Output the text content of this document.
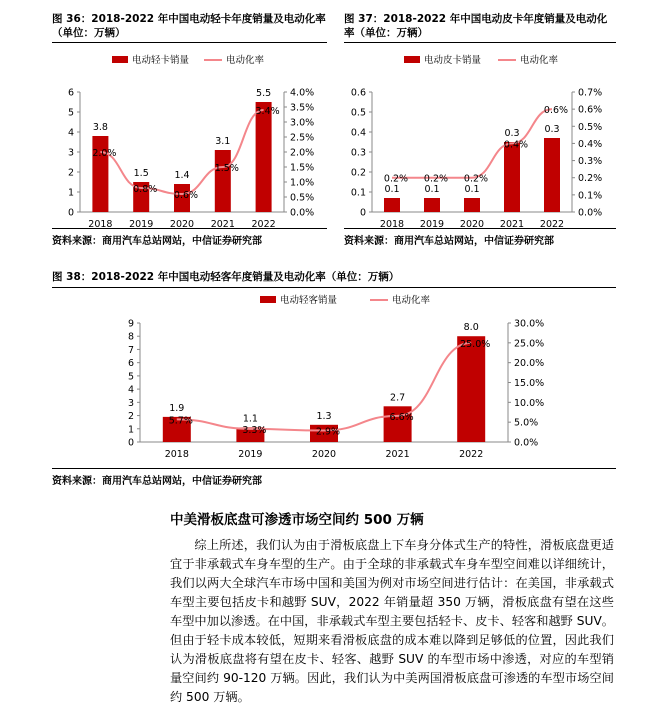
图 36：2018-2022 年中国电动轻卡年度销量及电动化率（单位：万辆）
电动轻卡销量	电动化率
0
1
2
3
4
5
6
0.0%
0.5%
1.0%
1.5%
2.0%
2.5%
3.0%
3.5%
4.0%
2018 2019 2020 2021 2022
3.8
1.5	1.4
3.1
5.5
2.0%
0.8%
0.6%
1.5%
3.4%
资料来源：商用汽车总站网站，中信证券研究部
图 37：2018-2022 年中国电动皮卡年度销量及电动化率（单位：万辆）
电动皮卡销量	电动化率
0
0.1
0.2
0.3
0.4
0.5
0.6
0.0%
0.1%
0.2%
0.3%
0.4%
0.5%
0.6%
0.7%
2018 2019 2020 2021 2022
0.1	0.1	0.1
0.3	0.3
0.2% 0.2% 0.2%
0.4%
0.6%
资料来源：商用汽车总站网站，中信证券研究部
图 38：2018-2022 年中国电动轻客年度销量及电动化率（单位：万辆）
电动轻客销量	电动化率
0
1
2
3
4
5
6
7
8
9
0.0%
5.0%
10.0%
15.0%
20.0%
25.0%
30.0%
2018	2019	2020	2021	2022
1.9
1.1	1.3
2.7
8.0
5.7%
3.3%	2.9%
6.6%
25.0%
资料来源：商用汽车总站网站，中信证券研究部
中美滑板底盘可渗透市场空间约 500 万辆

综上所述，我们认为由于滑板底盘上下车身分体式生产的特性，滑板底盘更适宜于非承载式车身车型的生产。由于全球的非承载式车身车型空间难以详细统计，我们以两大全球汽车市场中国和美国为例对市场空间进行估计：在美国，非承载式车型主要包括皮卡和越野 SUV，2022 年销量超 350 万辆，滑板底盘有望在这些车型中加以渗透。在中国，非承载式车型主要包括轻卡、皮卡、轻客和越野 SUV。但由于轻卡成本较低，短期来看滑板底盘的成本难以降到足够低的位置，因此我们认为滑板底盘将有望在皮卡、轻客、越野 SUV 的车型市场中渗透，对应的车型销量空间约 90-120 万辆。因此，我们认为中美两国滑板底盘可渗透的车型市场空间约 500 万辆。
